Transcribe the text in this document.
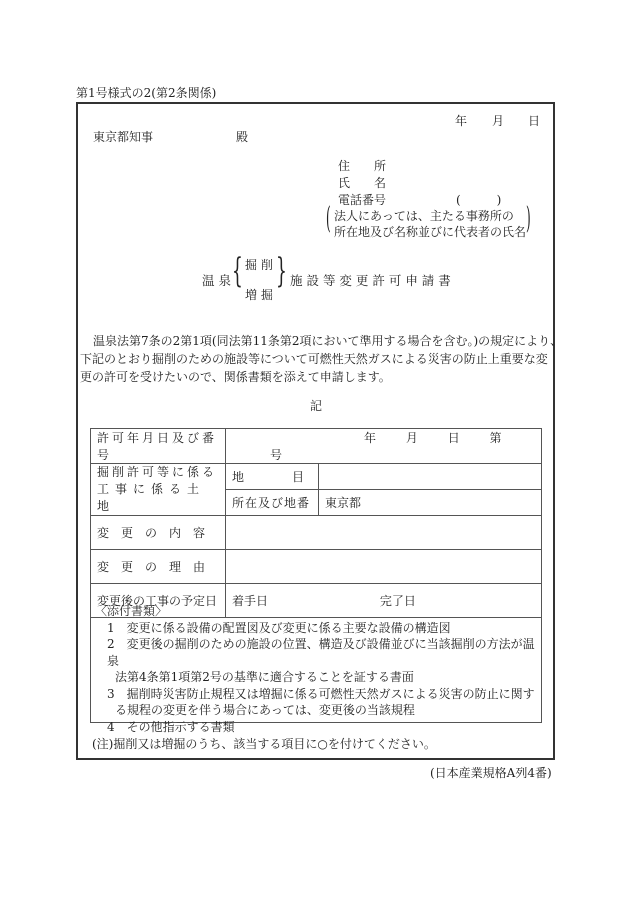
第1号様式の2(第2条関係)
年 月 日
東京都知事	殿
住　　所
氏　　名
電話番号	(　　　)
( 法人にあっては、主たる事務所の
所在地及び名称並びに代表者の氏名 )
温 泉 { 掘 削
増 掘
} 施 設 等 変 更 許 可 申 請 書
温泉法第7条の2第1項(同法第11条第2項において準用する場合を含む。)の規定により、
下記のとおり掘削のための施設等について可燃性天然ガスによる災害の防止上重要な変
更の許可を受けたいので、関係書類を添えて申請します。
記
許可年月日及び番号	年 月 日 第 号	

掘削許可等に係る
工事に係る土地	地　　　　目	
	所在及び地番	東京都
変　更　の　内　容		
変　更　の　理　由		
変更後の工事の予定日	着手日 完了日	
〈添付書類〉
1　変更に係る設備の配置図及び変更に係る主要な設備の構造図
2　変更後の掘削のための施設の位置、構造及び設備並びに当該掘削の方法が温泉
法第4条第1項第2号の基準に適合することを証する書面
3　掘削時災害防止規程又は増掘に係る可燃性天然ガスによる災害の防止に関す
る規程の変更を伴う場合にあっては、変更後の当該規程
4　その他指示する書類
(注)掘削又は増掘のうち、該当する項目に○を付けてください。
(日本産業規格A列4番)
